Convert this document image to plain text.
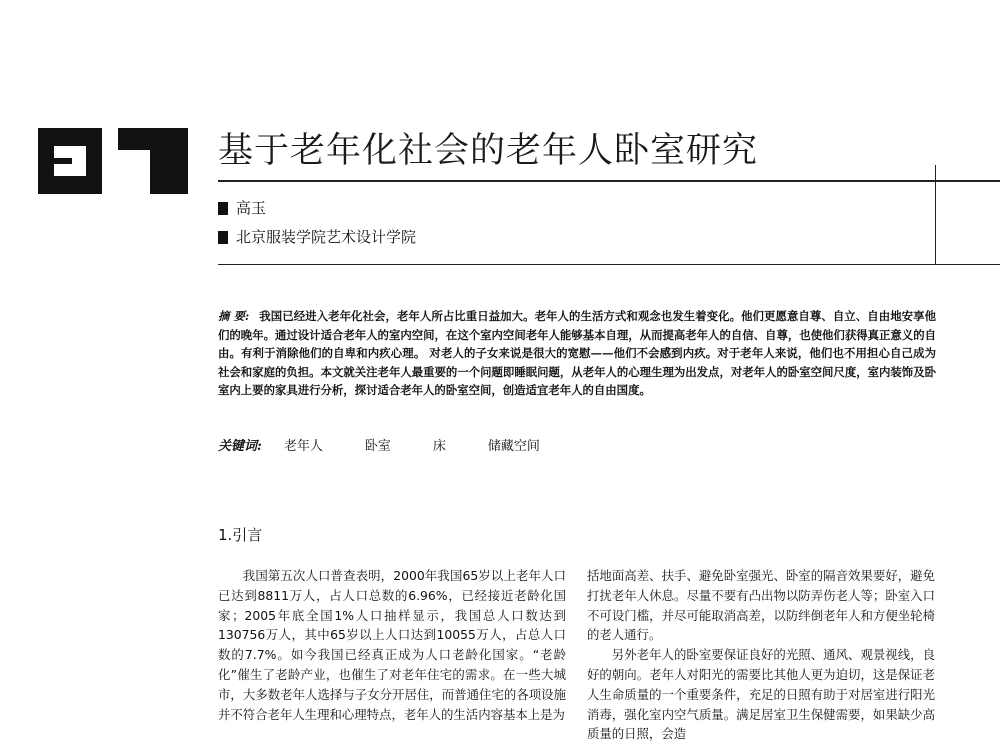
基于老年化社会的老年人卧室研究
高玉
北京服装学院艺术设计学院

摘 要: 我国已经进入老年化社会，老年人所占比重日益加大。老年人的生活方式和观念也发生着变化。他们更愿意自尊、自立、自由地安享他们的晚年。通过设计适合老年人的室内空间，在这个室内空间老年人能够基本自理，从而提高老年人的自信、自尊，也使他们获得真正意义的自由。有利于消除他们的自卑和内疚心理。 对老人的子女来说是很大的宽慰——他们不会感到内疚。对于老年人来说，他们也不用担心自己成为社会和家庭的负担。本文就关注老年人最重要的一个问题即睡眠问题，从老年人的心理生理为出发点，对老年人的卧室空间尺度，室内装饰及卧室内上要的家具进行分析，探讨适合老年人的卧室空间，创造适宜老年人的自由国度。

关键词: 老年人	卧室	床	储藏空间
1.引言

我国第五次人口普查表明，2000年我国65岁以上老年人口已达到8811万人，占人口总数的6.96%，已经接近老龄化国家；2005年底全国1%人口抽样显示，我国总人口数达到130756万人，其中65岁以上人口达到10055万人，占总人口数的7.7%。如今我国已经真正成为人口老龄化国家。“老龄化”催生了老龄产业，也催生了对老年住宅的需求。在一些大城市，大多数老年人选择与子女分开居住，而普通住宅的各项设施并不符合老年人生理和心理特点，老年人的生活内容基本上是为

括地面高差、扶手、避免卧室强光、卧室的隔音效果要好，避免打扰老年人休息。尽量不要有凸出物以防弄伤老人等；卧室入口不可设门槛，并尽可能取消高差，以防绊倒老年人和方便坐轮椅的老人通行。

另外老年人的卧室要保证良好的光照、通风、观景视线，良好的朝向。老年人对阳光的需要比其他人更为迫切，这是保证老人生命质量的一个重要条件，充足的日照有助于对居室进行阳光消毒，强化室内空气质量。满足居室卫生保健需要，如果缺少高质量的日照，会造
